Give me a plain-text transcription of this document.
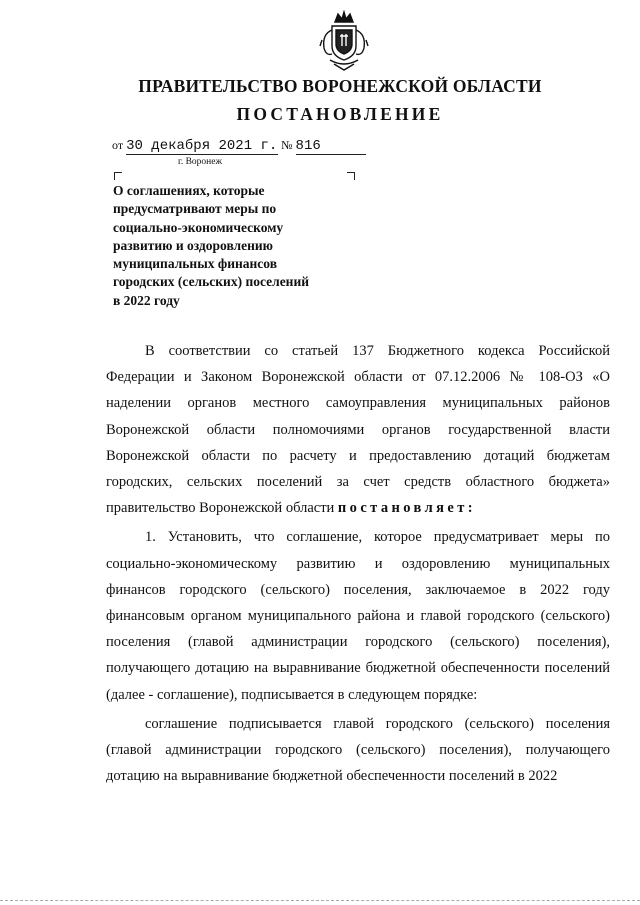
ПРАВИТЕЛЬСТВО ВОРОНЕЖСКОЙ ОБЛАСТИ
ПОСТАНОВЛЕНИЕ
от 30 декабря 2021 г. № 816
г. Воронеж
О соглашениях, которые
предусматривают меры по
социально-экономическому
развитию и оздоровлению
муниципальных финансов
городских (сельских) поселений
в 2022 году

В соответствии со статьей 137 Бюджетного кодекса Российской Федерации и Законом Воронежской области от 07.12.2006 № 108-ОЗ «О наделении органов местного самоуправления муниципальных районов Воронежской области полномочиями органов государственной власти Воронежской области по расчету и предоставлению дотаций бюджетам городских, сельских поселений за счет средств областного бюджета» правительство Воронежской области постановляет:

1. Установить, что соглашение, которое предусматривает меры по социально-экономическому развитию и оздоровлению муниципальных финансов городского (сельского) поселения, заключаемое в 2022 году финансовым органом муниципального района и главой городского (сельского) поселения (главой администрации городского (сельского) поселения), получающего дотацию на выравнивание бюджетной обеспеченности поселений (далее - соглашение), подписывается в следующем порядке:

соглашение подписывается главой городского (сельского) поселения (главой администрации городского (сельского) поселения), получающего дотацию на выравнивание бюджетной обеспеченности поселений в 2022
